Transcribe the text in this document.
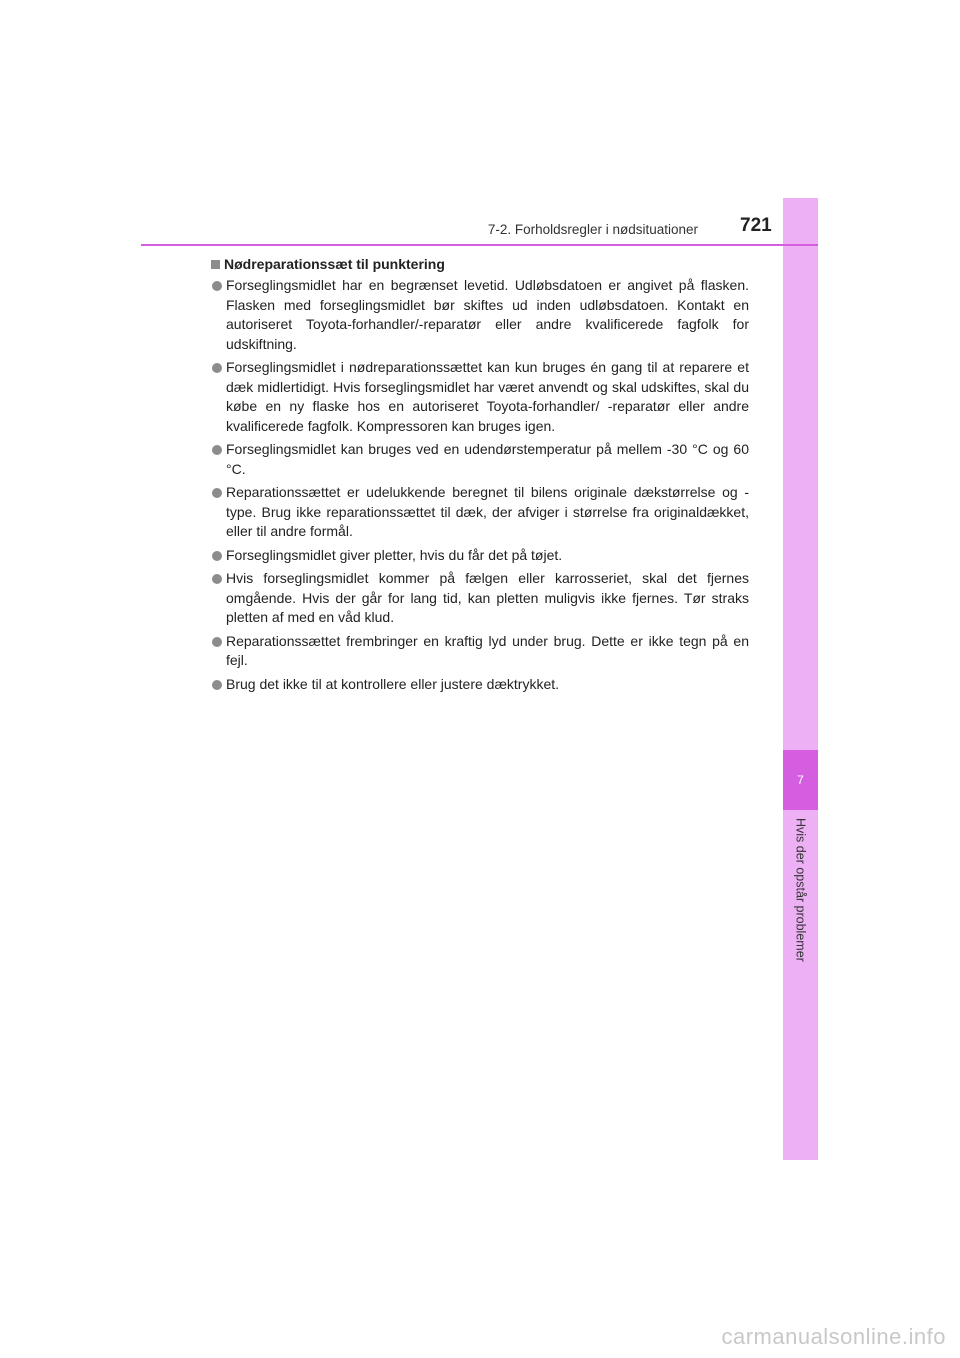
7
Hvis der opstår problemer
7-2. Forholdsregler i nødsituationer 721
Nødreparationssæt til punktering
Forseglingsmidlet har en begrænset levetid. Udløbsdatoen er angivet på flasken. Flasken med forseglingsmidlet bør skiftes ud inden udløbsdatoen. Kontakt en autoriseret Toyota-forhandler/-reparatør eller andre kvalificerede fagfolk for udskiftning.
Forseglingsmidlet i nødreparationssættet kan kun bruges én gang til at reparere et dæk midlertidigt. Hvis forseglingsmidlet har været anvendt og skal udskiftes, skal du købe en ny flaske hos en autoriseret Toyota-forhandler/ -reparatør eller andre kvalificerede fagfolk. Kompressoren kan bruges igen.
Forseglingsmidlet kan bruges ved en udendørstemperatur på mellem -30 °C og 60 °C.
Reparationssættet er udelukkende beregnet til bilens originale dækstørrelse og -type. Brug ikke reparationssættet til dæk, der afviger i størrelse fra originaldækket, eller til andre formål.
Forseglingsmidlet giver pletter, hvis du får det på tøjet.
Hvis forseglingsmidlet kommer på fælgen eller karrosseriet, skal det fjernes omgående. Hvis der går for lang tid, kan pletten muligvis ikke fjernes. Tør straks pletten af med en våd klud.
Reparationssættet frembringer en kraftig lyd under brug. Dette er ikke tegn på en fejl.
Brug det ikke til at kontrollere eller justere dæktrykket.
carmanualsonline.info
